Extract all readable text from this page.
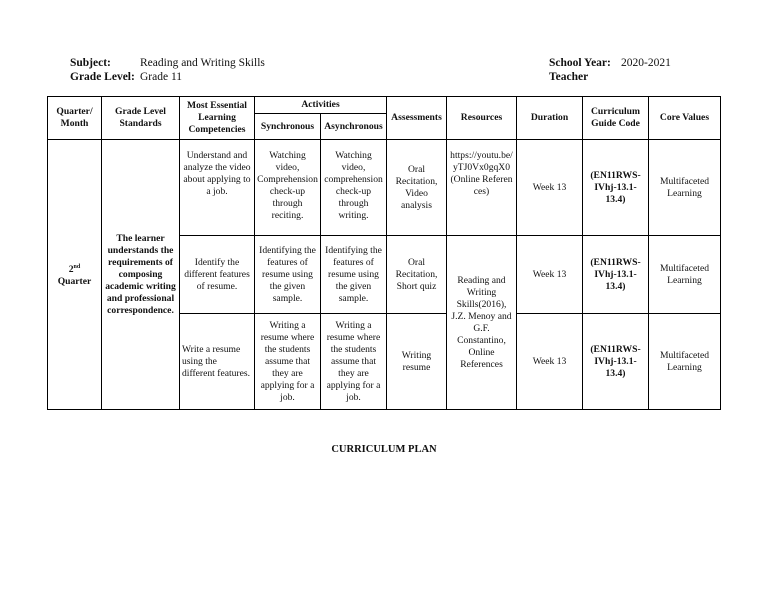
Subject:	Reading and Writing Skills
Grade Level: Grade 11
School Year: 2020-2021
Teacher
Quarter/ Month	Grade Level Standards	Most Essential Learning Competencies	Activities		Assessments	Resources	Duration	Curriculum Guide Code	Core Values
			Synchronous	Asynchronous					
2nd
Quarter	The learner understands the requirements of composing academic writing and professional correspondence.	Understand and analyze the video about applying to a job.	Watching video, Comprehension check-up through reciting.	Watching video, comprehension check-up through writing.	Oral Recitation, Video analysis	https://youtu.be/yTJ0Vx0gqX0 (Online References)	Week 13	(EN11RWS-IVhj-13.1-13.4)	Multifaceted Learning
		Identify the different features of resume.	Identifying the features of resume using the given sample.	Identifying the features of resume using the given sample.	Oral Recitation, Short quiz	Reading and Writing Skills(2016), J.Z. Menoy and G.F. Constantino, Online References	Week 13	(EN11RWS-IVhj-13.1-13.4)	Multifaceted Learning
		Write a resume using the different features.	Writing a resume where the students assume that they are applying for a job.	Writing a resume where the students assume that they are applying for a job.	Writing resume		Week 13	(EN11RWS-IVhj-13.1-13.4)	Multifaceted Learning
CURRICULUM PLAN
